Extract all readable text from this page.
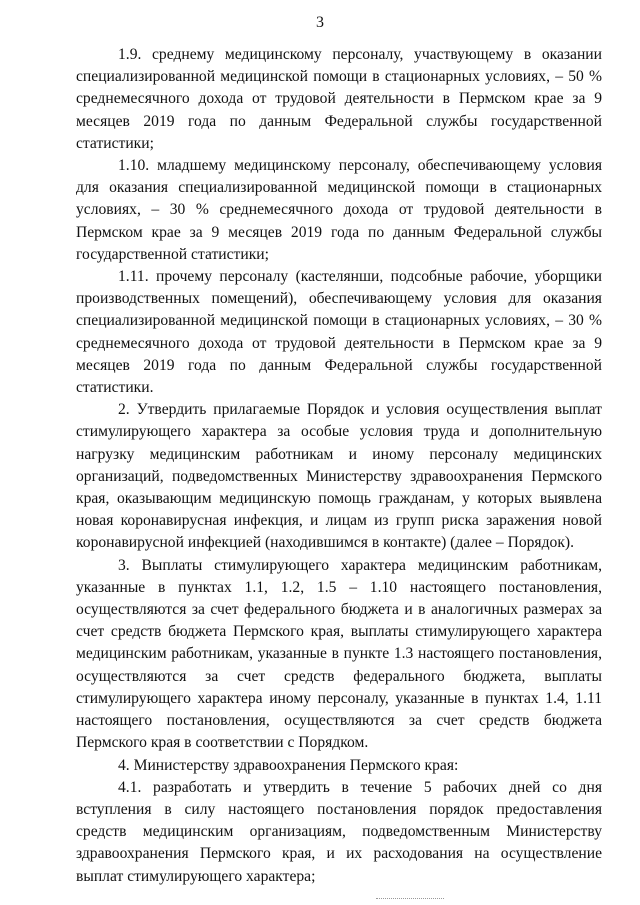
3

1.9. среднему медицинскому персоналу, участвующему в оказании специализированной медицинской помощи в стационарных условиях, – 50 % среднемесячного дохода от трудовой деятельности в Пермском крае за 9 месяцев 2019 года по данным Федеральной службы государственной статистики;

1.10. младшему медицинскому персоналу, обеспечивающему условия для оказания специализированной медицинской помощи в стационарных условиях, – 30 % среднемесячного дохода от трудовой деятельности в Пермском крае за 9 месяцев 2019 года по данным Федеральной службы государственной статистики;

1.11. прочему персоналу (кастелянши, подсобные рабочие, уборщики производственных помещений), обеспечивающему условия для оказания специализированной медицинской помощи в стационарных условиях, – 30 % среднемесячного дохода от трудовой деятельности в Пермском крае за 9 месяцев 2019 года по данным Федеральной службы государственной статистики.

2. Утвердить прилагаемые Порядок и условия осуществления выплат стимулирующего характера за особые условия труда и дополнительную нагрузку медицинским работникам и иному персоналу медицинских организаций, подведомственных Министерству здравоохранения Пермского края, оказывающим медицинскую помощь гражданам, у которых выявлена новая коронавирусная инфекция, и лицам из групп риска заражения новой коронавирусной инфекцией (находившимся в контакте) (далее – Порядок).

3. Выплаты стимулирующего характера медицинским работникам, указанные в пунктах 1.1, 1.2, 1.5 – 1.10 настоящего постановления, осуществляются за счет федерального бюджета и в аналогичных размерах за счет средств бюджета Пермского края, выплаты стимулирующего характера медицинским работникам, указанные в пункте 1.3 настоящего постановления, осуществляются за счет средств федерального бюджета, выплаты стимулирующего характера иному персоналу, указанные в пунктах 1.4, 1.11 настоящего постановления, осуществляются за счет средств бюджета Пермского края в соответствии с Порядком.

4. Министерству здравоохранения Пермского края:

4.1. разработать и утвердить в течение 5 рабочих дней со дня вступления в силу настоящего постановления порядок предоставления средств медицинским организациям, подведомственным Министерству здравоохранения Пермского края, и их расходования на осуществление выплат стимулирующего характера;
